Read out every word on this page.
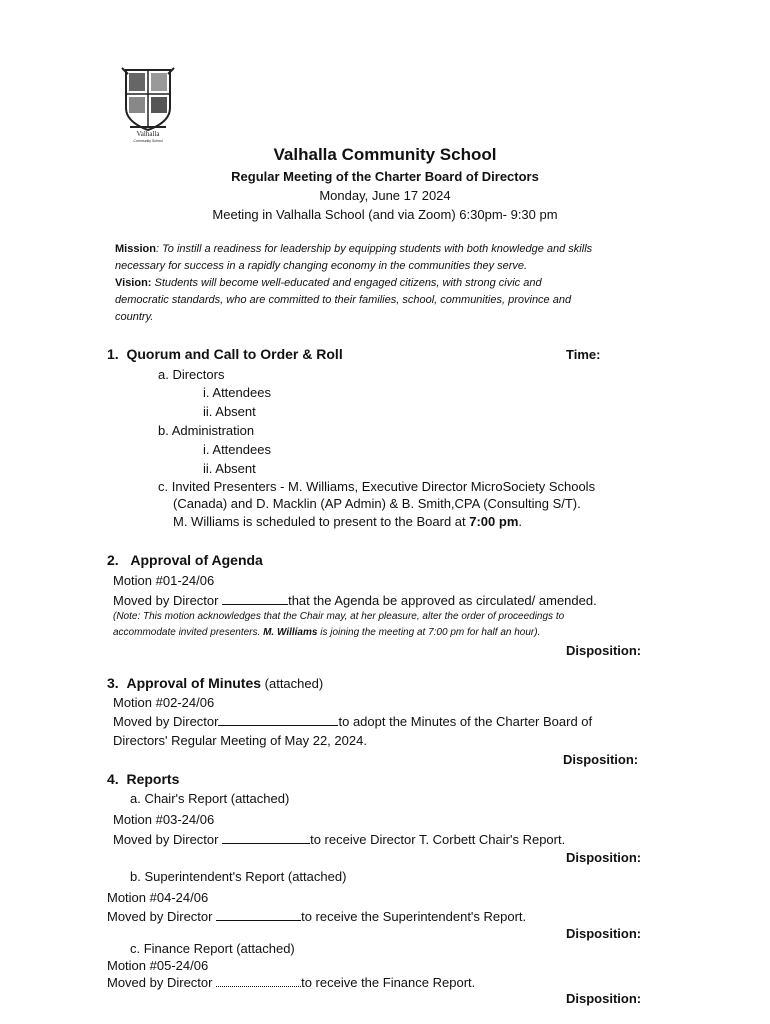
Valhalla
Community School
Valhalla Community School
Regular Meeting of the Charter Board of Directors
Monday, June 17 2024
Meeting in Valhalla School (and via Zoom) 6:30pm- 9:30 pm
Mission: To instill a readiness for leadership by equipping students with both knowledge and skills
necessary for success in a rapidly changing economy in the communities they serve.
Vision: Students will become well-educated and engaged citizens, with strong civic and
democratic standards, who are committed to their families, school, communities, province and
country.
1. Quorum and Call to Order & Roll	Time:
a. Directors
i. Attendees
ii. Absent
b. Administration
i. Attendees
ii. Absent
c. Invited Presenters - M. Williams, Executive Director MicroSociety Schools
(Canada) and D. Macklin (AP Admin) & B. Smith,CPA (Consulting S/T).
M. Williams is scheduled to present to the Board at 7:00 pm.
2. Approval of Agenda
Motion #01-24/06
Moved by Director	that the Agenda be approved as circulated/ amended.
(Note: This motion acknowledges that the Chair may, at her pleasure, alter the order of proceedings to
accommodate invited presenters. M. Williams is joining the meeting at 7:00 pm for half an hour).
Disposition:
3. Approval of Minutes (attached)
Motion #02-24/06
Moved by Director	to adopt the Minutes of the Charter Board of
Directors' Regular Meeting of May 22, 2024.
Disposition:
4. Reports
a. Chair's Report (attached)
Motion #03-24/06
Moved by Director	to receive Director T. Corbett Chair's Report.
Disposition:
b. Superintendent's Report (attached)
Motion #04-24/06
Moved by Director	to receive the Superintendent's Report.
Disposition:
c. Finance Report (attached)
Motion #05-24/06
Moved by Director	to receive the Finance Report.
Disposition:
